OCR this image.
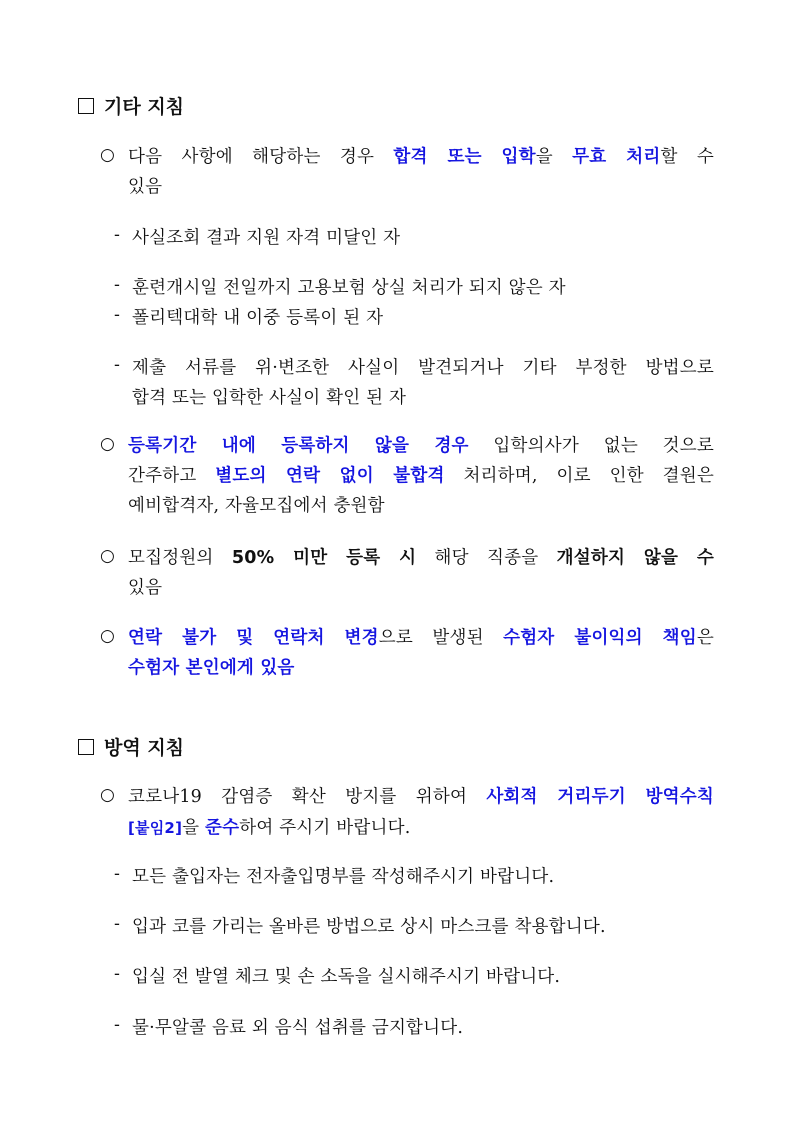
기타 지침
○ 다음 사항에 해당하는 경우 합격 또는 입학을 무효 처리할 수
있음
- 사실조회 결과 지원 자격 미달인 자
- 훈련개시일 전일까지 고용보험 상실 처리가 되지 않은 자
- 폴리텍대학 내 이중 등록이 된 자
- 제출 서류를 위·변조한 사실이 발견되거나 기타 부정한 방법으로
합격 또는 입학한 사실이 확인 된 자
○ 등록기간 내에 등록하지 않을 경우 입학의사가 없는 것으로
간주하고 별도의 연락 없이 불합격 처리하며, 이로 인한 결원은
예비합격자, 자율모집에서 충원함
○ 모집정원의 50% 미만 등록 시 해당 직종을 개설하지 않을 수
있음
○ 연락 불가 및 연락처 변경으로 발생된 수험자 불이익의 책임은
수험자 본인에게 있음
방역 지침
○ 코로나19 감염증 확산 방지를 위하여 사회적 거리두기 방역수칙
[붙임2]을 준수하여 주시기 바랍니다.
- 모든 출입자는 전자출입명부를 작성해주시기 바랍니다.
- 입과 코를 가리는 올바른 방법으로 상시 마스크를 착용합니다.
- 입실 전 발열 체크 및 손 소독을 실시해주시기 바랍니다.
- 물·무알콜 음료 외 음식 섭취를 금지합니다.
